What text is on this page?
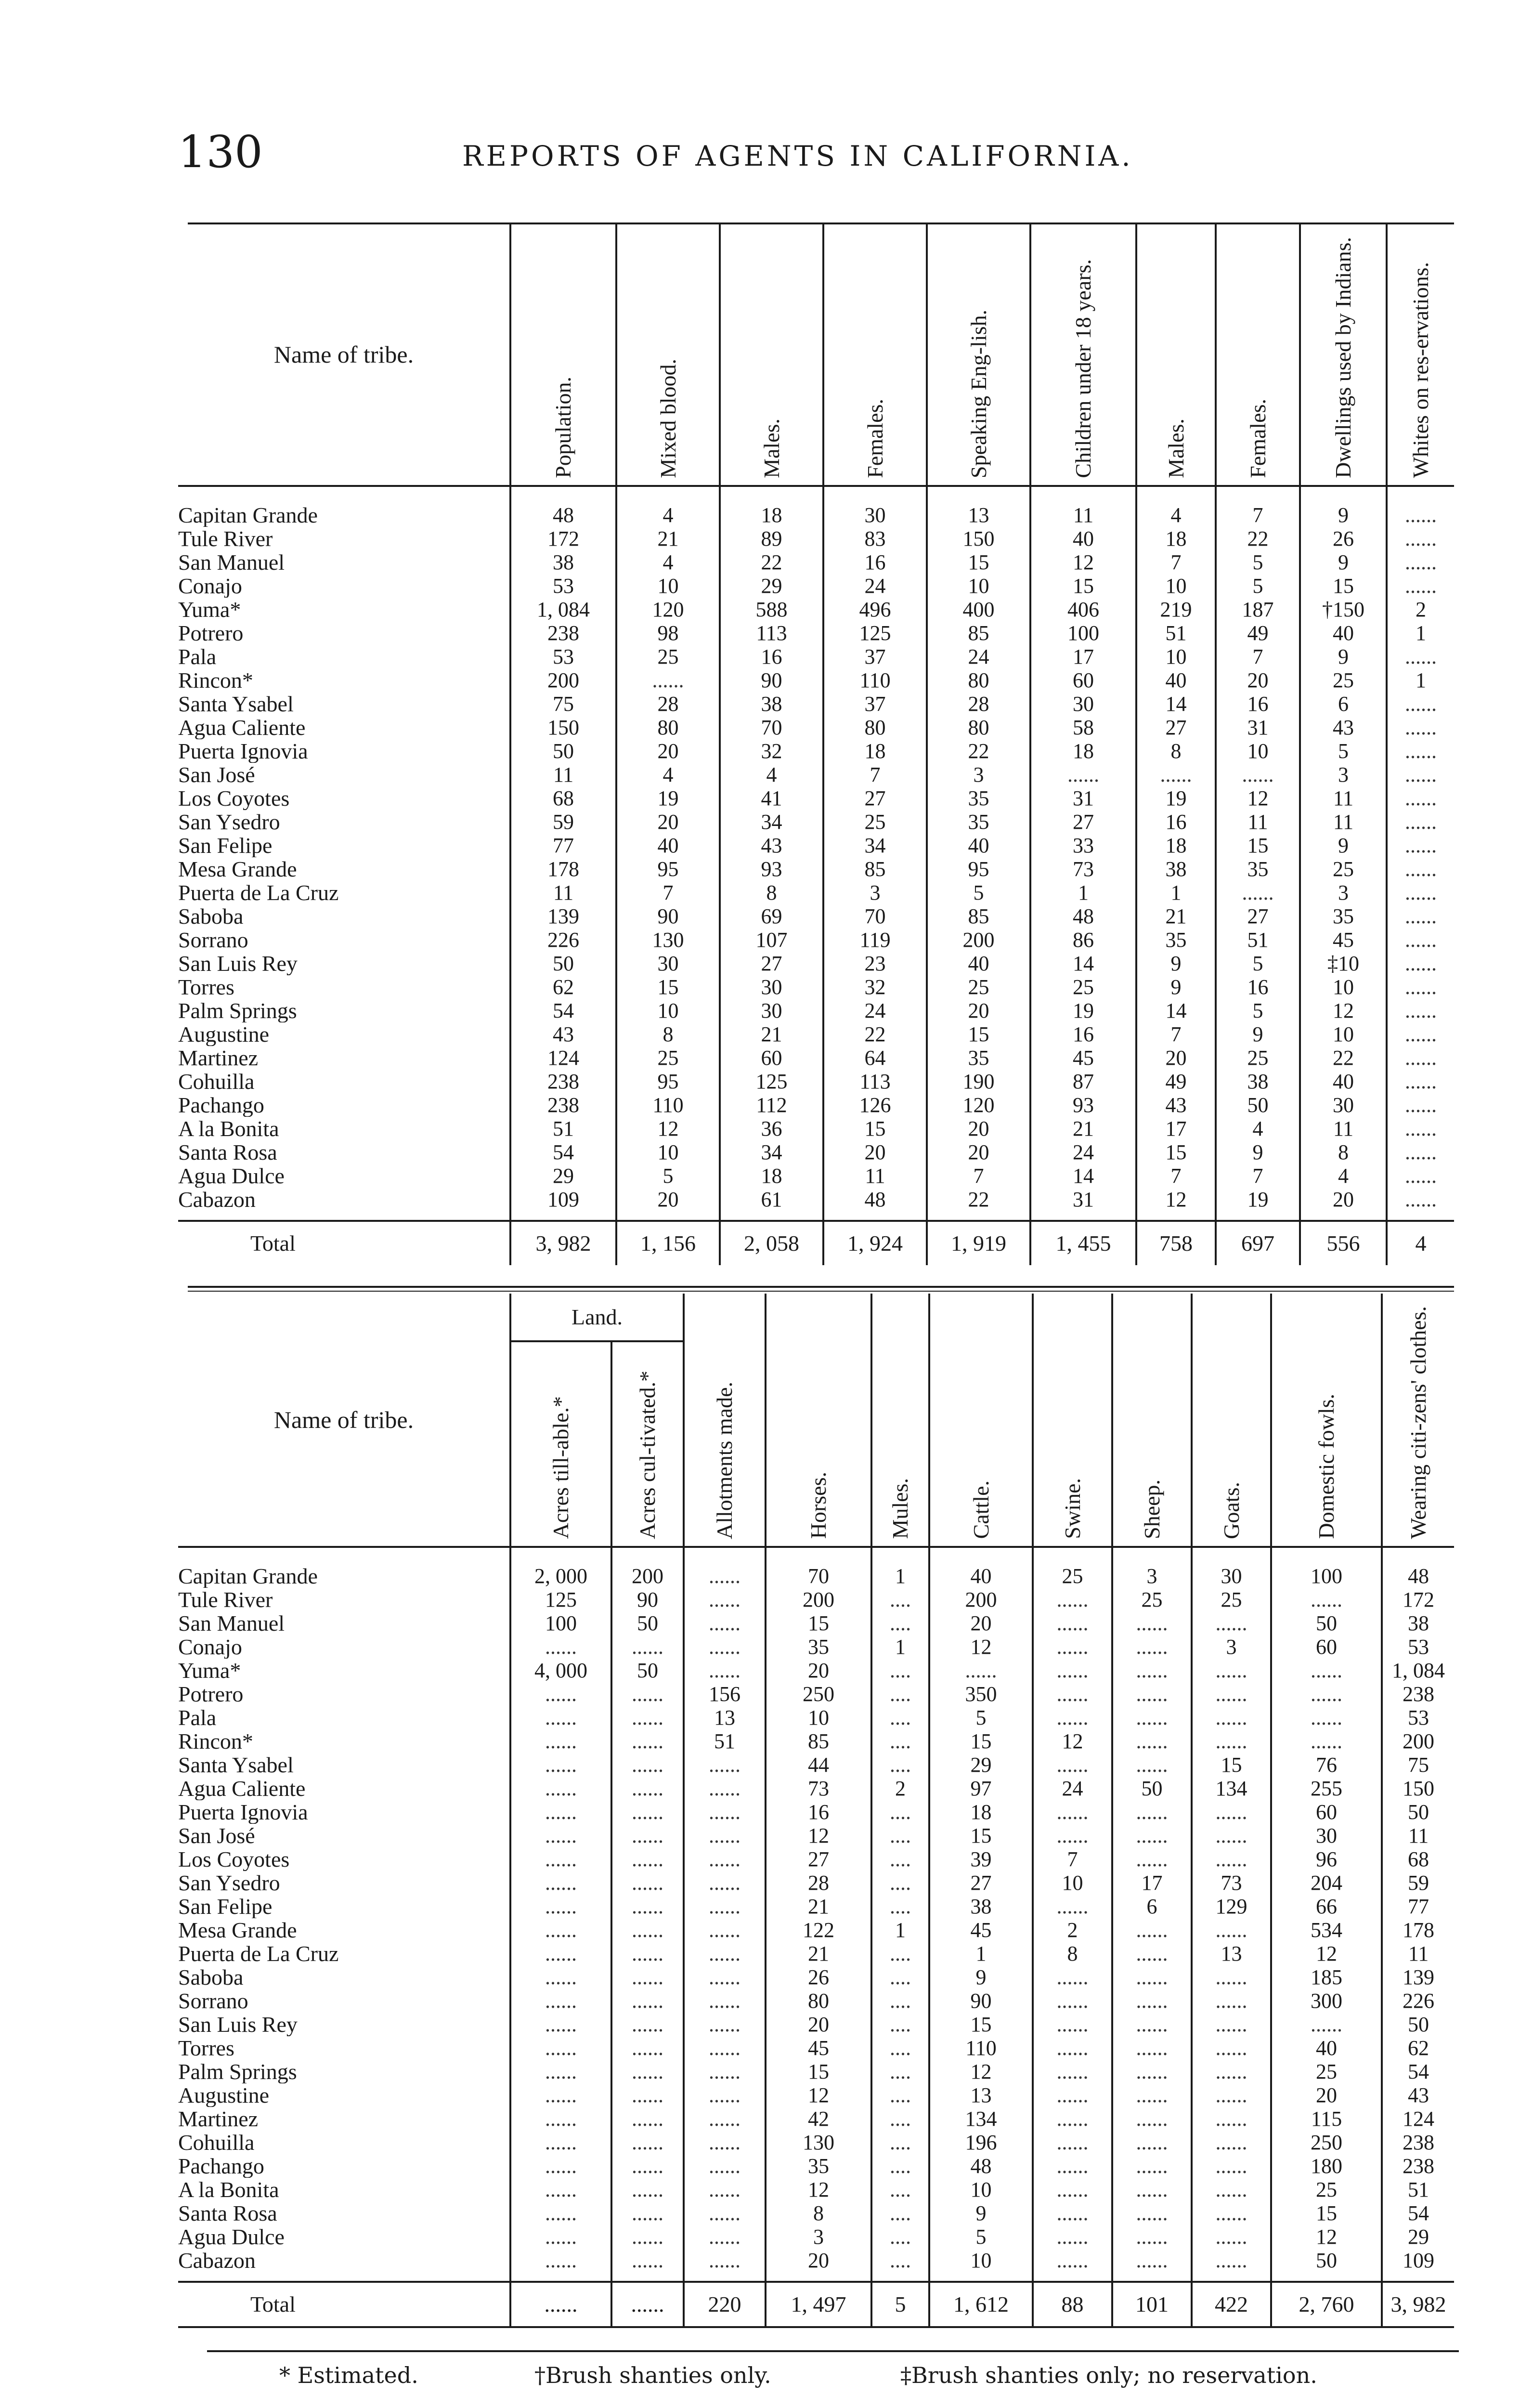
130	REPORTS OF AGENTS IN CALIFORNIA.
Name of tribe.	Population.	Mixed blood.	Males.	Females.	Speaking Eng-lish.	Children under 18 years.	Males.	Females.	Dwellings used by Indians.	Whites on res-ervations.

Capitan Grande	48	4	18	30	13	11	4	7	9	......
Tule River	172	21	89	83	150	40	18	22	26	......
San Manuel	38	4	22	16	15	12	7	5	9	......
Conajo	53	10	29	24	10	15	10	5	15	......
Yuma*	1, 084	120	588	496	400	406	219	187	†150	2
Potrero	238	98	113	125	85	100	51	49	40	1
Pala	53	25	16	37	24	17	10	7	9	......
Rincon*	200	......	90	110	80	60	40	20	25	1
Santa Ysabel	75	28	38	37	28	30	14	16	6	......
Agua Caliente	150	80	70	80	80	58	27	31	43	......
Puerta Ignovia	50	20	32	18	22	18	8	10	5	......
San José	11	4	4	7	3	......	......	......	3	......
Los Coyotes	68	19	41	27	35	31	19	12	11	......
San Ysedro	59	20	34	25	35	27	16	11	11	......
San Felipe	77	40	43	34	40	33	18	15	9	......
Mesa Grande	178	95	93	85	95	73	38	35	25	......
Puerta de La Cruz	11	7	8	3	5	1	1	......	3	......
Saboba	139	90	69	70	85	48	21	27	35	......
Sorrano	226	130	107	119	200	86	35	51	45	......
San Luis Rey	50	30	27	23	40	14	9	5	‡10	......
Torres	62	15	30	32	25	25	9	16	10	......
Palm Springs	54	10	30	24	20	19	14	5	12	......
Augustine	43	8	21	22	15	16	7	9	10	......
Martinez	124	25	60	64	35	45	20	25	22	......
Cohuilla	238	95	125	113	190	87	49	38	40	......
Pachango	238	110	112	126	120	93	43	50	30	......
A la Bonita	51	12	36	15	20	21	17	4	11	......
Santa Rosa	54	10	34	20	20	24	15	9	8	......
Agua Dulce	29	5	18	11	7	14	7	7	4	......
Cabazon	109	20	61	48	22	31	12	19	20	......
Total	3, 982	1, 156	2, 058	1, 924	1, 919	1, 455	758	697	556	4
Name of tribe.	Land.		Allotments made.	Horses.	Mules.	Cattle.	Swine.	Sheep.	Goats.	Domestic fowls.	Wearing citi-zens' clothes.

	Acres till-able.*	Acres cul-tivated.*									

Capitan Grande	2, 000	200	......	70	1	40	25	3	30	100	48
Tule River	125	90	......	200	....	200	......	25	25	......	172
San Manuel	100	50	......	15	....	20	......	......	......	50	38
Conajo	......	......	......	35	1	12	......	......	3	60	53
Yuma*	4, 000	50	......	20	....	......	......	......	......	......	1, 084
Potrero	......	......	156	250	....	350	......	......	......	......	238
Pala	......	......	13	10	....	5	......	......	......	......	53
Rincon*	......	......	51	85	....	15	12	......	......	......	200
Santa Ysabel	......	......	......	44	....	29	......	......	15	76	75
Agua Caliente	......	......	......	73	2	97	24	50	134	255	150
Puerta Ignovia	......	......	......	16	....	18	......	......	......	60	50
San José	......	......	......	12	....	15	......	......	......	30	11
Los Coyotes	......	......	......	27	....	39	7	......	......	96	68
San Ysedro	......	......	......	28	....	27	10	17	73	204	59
San Felipe	......	......	......	21	....	38	......	6	129	66	77
Mesa Grande	......	......	......	122	1	45	2	......	......	534	178
Puerta de La Cruz	......	......	......	21	....	1	8	......	13	12	11
Saboba	......	......	......	26	....	9	......	......	......	185	139
Sorrano	......	......	......	80	....	90	......	......	......	300	226
San Luis Rey	......	......	......	20	....	15	......	......	......	......	50
Torres	......	......	......	45	....	110	......	......	......	40	62
Palm Springs	......	......	......	15	....	12	......	......	......	25	54
Augustine	......	......	......	12	....	13	......	......	......	20	43
Martinez	......	......	......	42	....	134	......	......	......	115	124
Cohuilla	......	......	......	130	....	196	......	......	......	250	238
Pachango	......	......	......	35	....	48	......	......	......	180	238
A la Bonita	......	......	......	12	....	10	......	......	......	25	51
Santa Rosa	......	......	......	8	....	9	......	......	......	15	54
Agua Dulce	......	......	......	3	....	5	......	......	......	12	29
Cabazon	......	......	......	20	....	10	......	......	......	50	109
Total	......	......	220	1, 497	5	1, 612	88	101	422	2, 760	3, 982
* Estimated.	†Brush shanties only.	‡Brush shanties only; no reservation.
